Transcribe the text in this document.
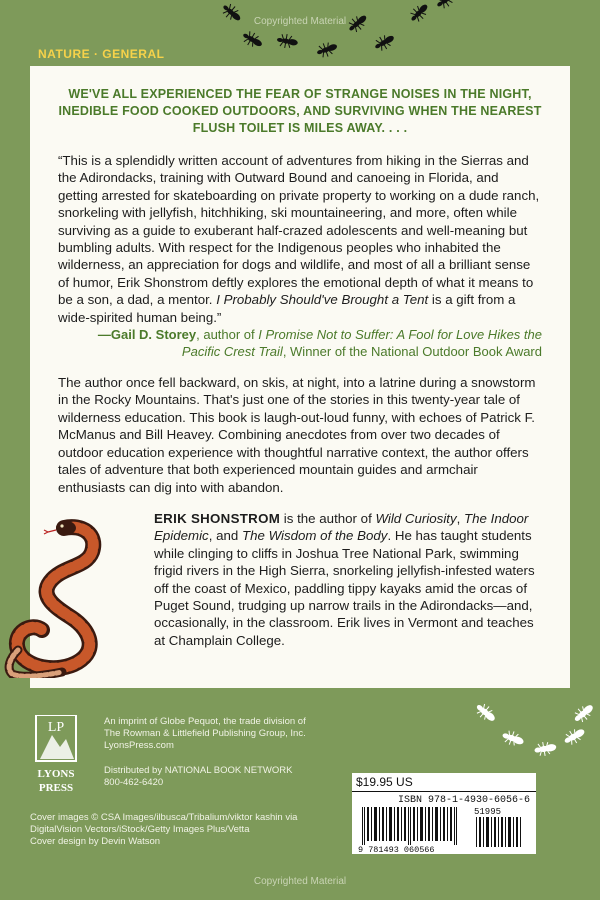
Copyrighted Material
NATURE · GENERAL
WE'VE ALL EXPERIENCED THE FEAR OF STRANGE NOISES IN THE NIGHT, INEDIBLE FOOD COOKED OUTDOORS, AND SURVIVING WHEN THE NEAREST FLUSH TOILET IS MILES AWAY. . . .
“This is a splendidly written account of adventures from hiking in the Sierras and the Adirondacks, training with Outward Bound and canoeing in Florida, and getting arrested for skateboarding on private property to working on a dude ranch, snorkeling with jellyfish, hitchhiking, ski mountaineering, and more, often while surviving as a guide to exuberant half-crazed adolescents and well-meaning but bumbling adults. With respect for the Indigenous peoples who inhabited the wilderness, an appreciation for dogs and wildlife, and most of all a brilliant sense of humor, Erik Shonstrom deftly explores the emotional depth of what it means to be a son, a dad, a mentor. I Probably Should've Brought a Tent is a gift from a wide-spirited human being.”
—Gail D. Storey, author of I Promise Not to Suffer: A Fool for Love Hikes the Pacific Crest Trail, Winner of the National Outdoor Book Award
The author once fell backward, on skis, at night, into a latrine during a snowstorm in the Rocky Mountains. That's just one of the stories in this twenty-year tale of wilderness education. This book is laugh-out-loud funny, with echoes of Patrick F. McManus and Bill Heavey. Combining anecdotes from over two decades of outdoor education experience with thoughtful narrative context, the author offers tales of adventure that both experienced mountain guides and armchair enthusiasts can dig into with abandon.
ERIK SHONSTROM is the author of Wild Curiosity, The Indoor Epidemic, and The Wisdom of the Body. He has taught students while clinging to cliffs in Joshua Tree National Park, swimming frigid rivers in the High Sierra, snorkeling jellyfish-infested waters off the coast of Mexico, paddling tippy kayaks amid the orcas of Puget Sound, trudging up narrow trails in the Adirondacks—and, occasionally, in the classroom. Erik lives in Vermont and teaches at Champlain College.
LP
LYONS
PRESS
An imprint of Globe Pequot, the trade division of
The Rowman & Littlefield Publishing Group, Inc.
LyonsPress.com
Distributed by NATIONAL BOOK NETWORK
800-462-6420
Cover images © CSA Images/ilbusca/Tribalium/viktor kashin via
DigitalVision Vectors/iStock/Getty Images Plus/Vetta
Cover design by Devin Watson
$19.95 US
ISBN 978-1-4930-6056-6
9 781493 060566
51995
Copyrighted Material
